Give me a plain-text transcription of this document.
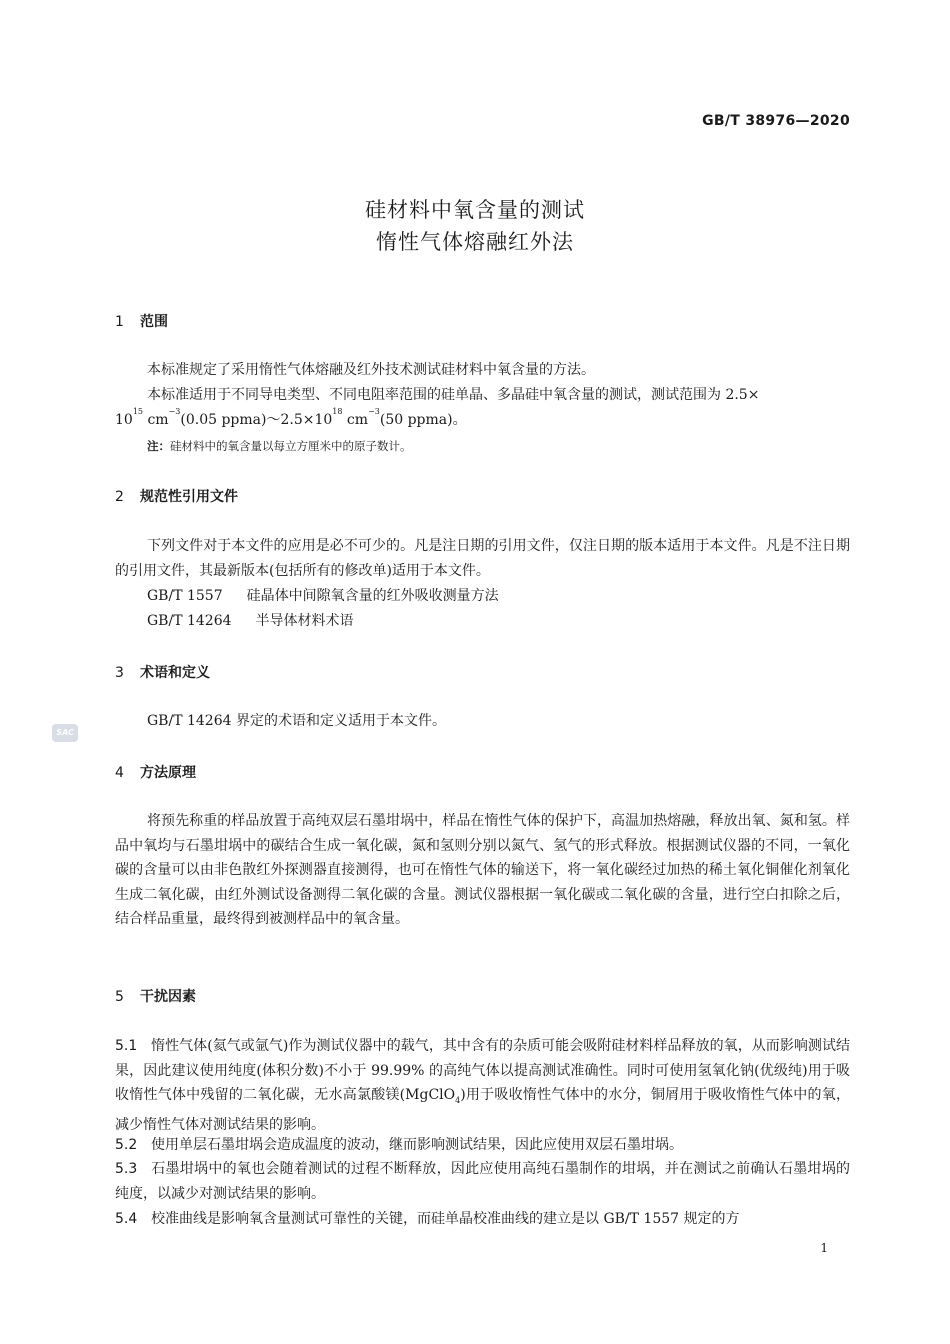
GB/T 38976—2020
硅材料中氧含量的测试
惰性气体熔融红外法
SAC
1 范围
本标准规定了采用惰性气体熔融及红外技术测试硅材料中氧含量的方法。
本标准适用于不同导电类型、不同电阻率范围的硅单晶、多晶硅中氧含量的测试，测试范围为 2.5×
$10^{15}$ $cm^{-3}(0.05$ $ppma)\sim 2.5\times 10^{18}$ $cm^{-3}(50$ ppma)。
注：硅材料中的氧含量以每立方厘米中的原子数计。
2 规范性引用文件
下列文件对于本文件的应用是必不可少的。凡是注日期的引用文件，仅注日期的版本适用于本文件。凡是不注日期的引用文件，其最新版本(包括所有的修改单)适用于本文件。
GB/T 1557 硅晶体中间隙氧含量的红外吸收测量方法
GB/T 14264 半导体材料术语
3 术语和定义
GB/T 14264 界定的术语和定义适用于本文件。
4 方法原理
将预先称重的样品放置于高纯双层石墨坩埚中，样品在惰性气体的保护下，高温加热熔融，释放出氧、氮和氢。样品中氧均与石墨坩埚中的碳结合生成一氧化碳，氮和氢则分别以氮气、氢气的形式释放。根据测试仪器的不同，一氧化碳的含量可以由非色散红外探测器直接测得，也可在惰性气体的输送下，将一氧化碳经过加热的稀土氧化铜催化剂氧化生成二氧化碳，由红外测试设备测得二氧化碳的含量。测试仪器根据一氧化碳或二氧化碳的含量，进行空白扣除之后，结合样品重量，最终得到被测样品中的氧含量。
5 干扰因素
5.1 惰性气体(氦气或氩气)作为测试仪器中的载气，其中含有的杂质可能会吸附硅材料样品释放的氧，从而影响测试结果，因此建议使用纯度(体积分数)不小于 99.99% 的高纯气体以提高测试准确性。同时可使用氢氧化钠(优级纯)用于吸收惰性气体中残留的二氧化碳，无水高氯酸镁(MgClO$_4$)用于吸收惰性气体中的水分，铜屑用于吸收惰性气体中的氧，减少惰性气体对测试结果的影响。
5.2 使用单层石墨坩埚会造成温度的波动，继而影响测试结果，因此应使用双层石墨坩埚。
5.3 石墨坩埚中的氧也会随着测试的过程不断释放，因此应使用高纯石墨制作的坩埚，并在测试之前确认石墨坩埚的纯度，以减少对测试结果的影响。
5.4 校准曲线是影响氧含量测试可靠性的关键，而硅单晶校准曲线的建立是以 GB/T 1557 规定的方
1
